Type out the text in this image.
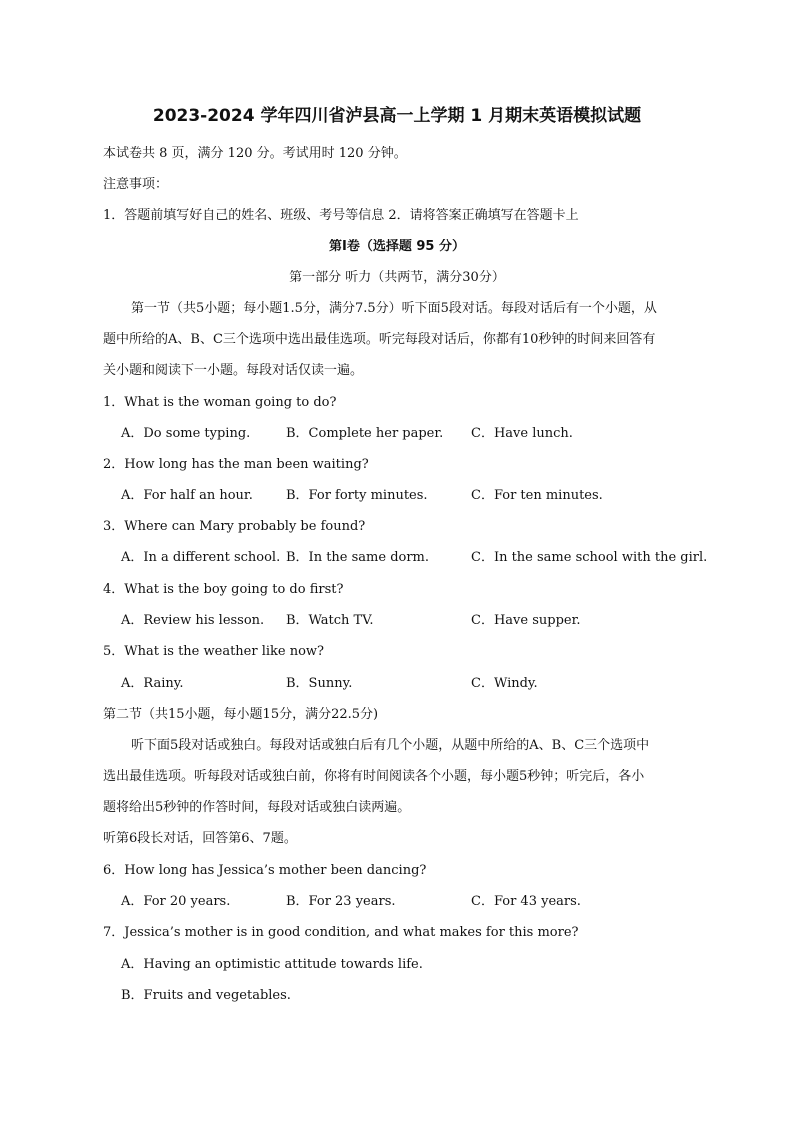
2023-2024 学年四川省泸县高一上学期 1 月期末英语模拟试题
本试卷共 8 页，满分 120 分。考试用时 120 分钟。
注意事项：
1．答题前填写好自己的姓名、班级、考号等信息 2．请将答案正确填写在答题卡上
第Ⅰ卷（选择题 95 分）
第一部分 听力（共两节，满分30分）
第一节（共5小题；每小题1.5分，满分7.5分）听下面5段对话。每段对话后有一个小题，从
题中所给的A、B、C三个选项中选出最佳选项。听完每段对话后，你都有10秒钟的时间来回答有
关小题和阅读下一小题。每段对话仅读一遍。
1．What is the woman going to do?
A．Do some typing.	B．Complete her paper. C．Have lunch.
2．How long has the man been waiting?
A．For half an hour.	B．For forty minutes.	C．For ten minutes.
3．Where can Mary probably be found?
A．In a different school. B．In the same dorm.	C．In the same school with the girl.
4．What is the boy going to do first?
A．Review his lesson. B．Watch TV.	C．Have supper.
5．What is the weather like now?
A．Rainy.	B．Sunny.	C．Windy.
第二节（共15小题，每小题15分，满分22.5分)
听下面5段对话或独白。每段对话或独白后有几个小题，从题中所给的A、B、C三个选项中
选出最佳选项。听每段对话或独白前，你将有时间阅读各个小题，每小题5秒钟；听完后，各小
题将给出5秒钟的作答时间，每段对话或独白读两遍。
听第6段长对话，回答第6、7题。
6．How long has Jessica’s mother been dancing?
A．For 20 years.	B．For 23 years.	C．For 43 years.
7．Jessica’s mother is in good condition, and what makes for this more?
A．Having an optimistic attitude towards life.
B．Fruits and vegetables.
